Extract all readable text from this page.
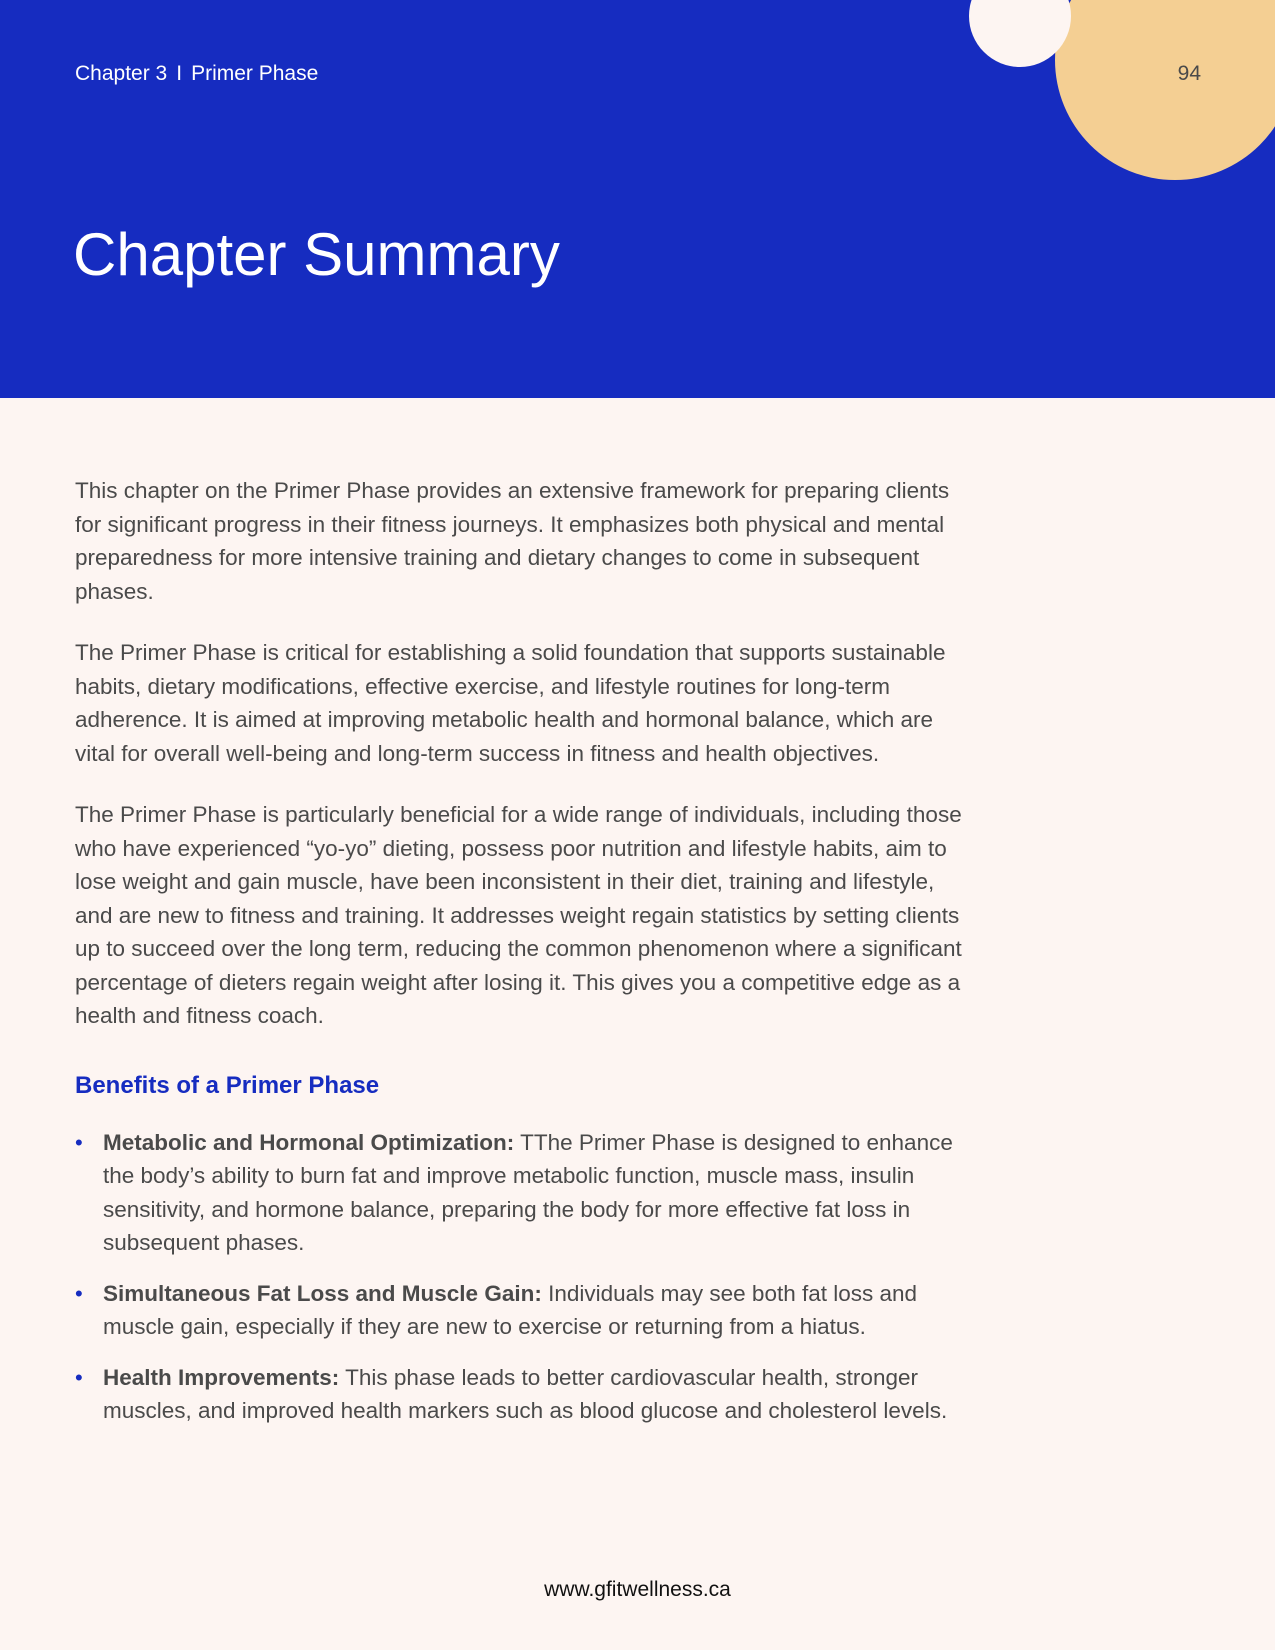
Chapter 3 I Primer Phase	94
Chapter Summary

This chapter on the Primer Phase provides an extensive framework for preparing clients for significant progress in their fitness journeys. It emphasizes both physical and mental preparedness for more intensive training and dietary changes to come in subsequent phases.

The Primer Phase is critical for establishing a solid foundation that supports sustainable habits, dietary modifications, effective exercise, and lifestyle routines for long-term adherence. It is aimed at improving metabolic health and hormonal balance, which are vital for overall well-being and long-term success in fitness and health objectives.

The Primer Phase is particularly beneficial for a wide range of individuals, including those who have experienced “yo-yo” dieting, possess poor nutrition and lifestyle habits, aim to lose weight and gain muscle, have been inconsistent in their diet, training and lifestyle, and are new to fitness and training. It addresses weight regain statistics by setting clients up to succeed over the long term, reducing the common phenomenon where a significant percentage of dieters regain weight after losing it. This gives you a competitive edge as a health and fitness coach.

Benefits of a Primer Phase
• Metabolic and Hormonal Optimization: TThe Primer Phase is designed to enhance the body’s ability to burn fat and improve metabolic function, muscle mass, insulin sensitivity, and hormone balance, preparing the body for more effective fat loss in subsequent phases.
• Simultaneous Fat Loss and Muscle Gain: Individuals may see both fat loss and muscle gain, especially if they are new to exercise or returning from a hiatus.
• Health Improvements: This phase leads to better cardiovascular health, stronger muscles, and improved health markers such as blood glucose and cholesterol levels.
www.gfitwellness.ca
